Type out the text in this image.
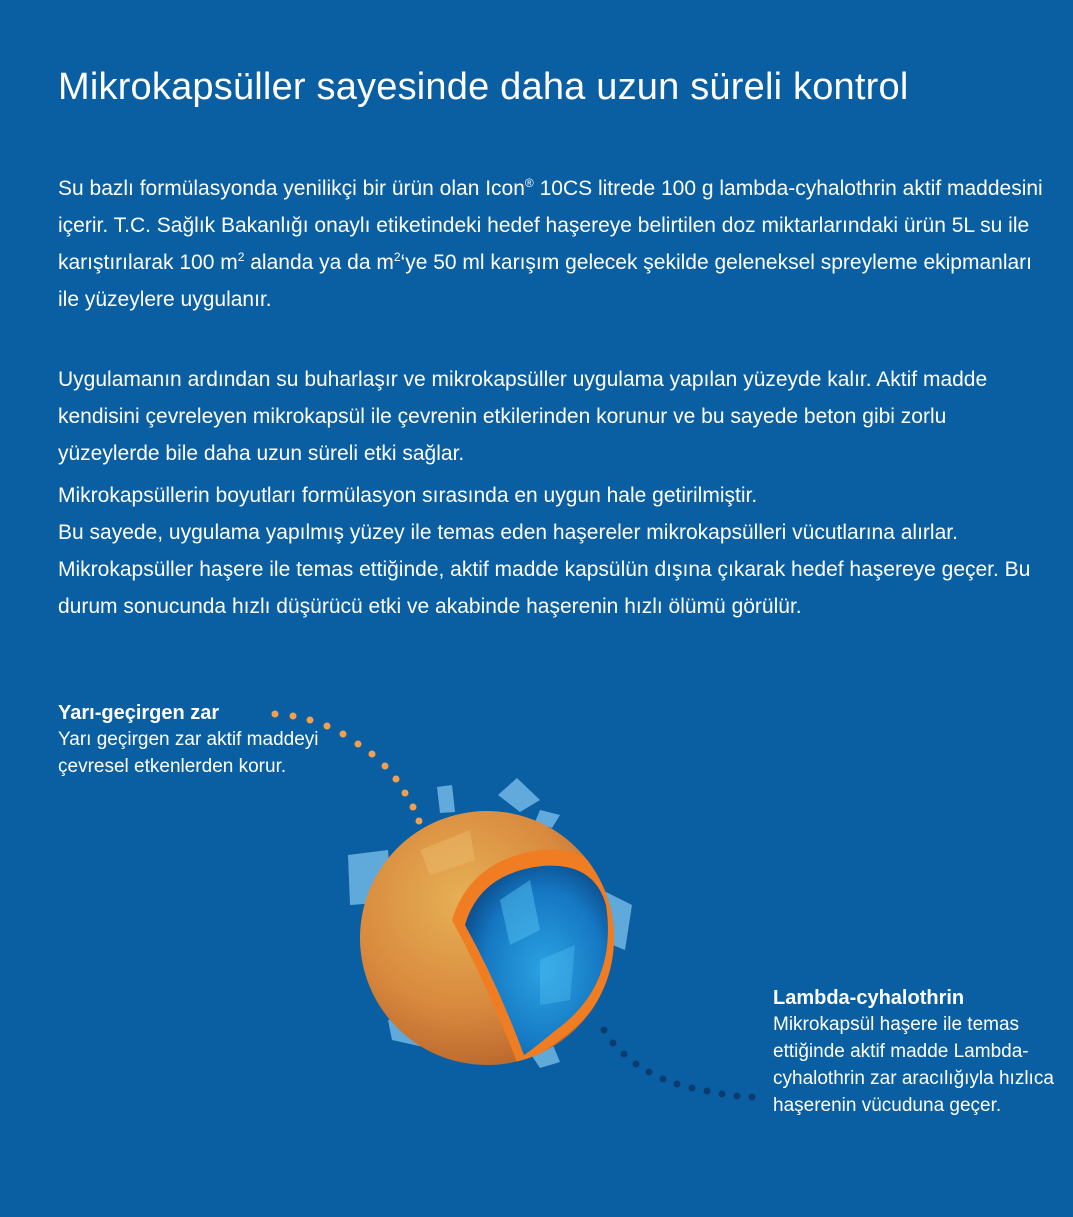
Mikrokapsüller sayesinde daha uzun süreli kontrol

Su bazlı formülasyonda yenilikçi bir ürün olan Icon® 10CS litrede 100 g lambda-cyhalothrin aktif maddesini içerir. T.C. Sağlık Bakanlığı onaylı etiketindeki hedef haşereye belirtilen doz miktarlarındaki ürün 5L su ile karıştırılarak 100 $m^2$ alanda ya da $m^2‘ye$ 50 ml karışım gelecek şekilde geleneksel spreyleme ekipmanları ile yüzeylere uygulanır.

Uygulamanın ardından su buharlaşır ve mikrokapsüller uygulama yapılan yüzeyde kalır. Aktif madde kendisini çevreleyen mikrokapsül ile çevrenin etkilerinden korunur ve bu sayede beton gibi zorlu yüzeylerde bile daha uzun süreli etki sağlar.

Mikrokapsüllerin boyutları formülasyon sırasında en uygun hale getirilmiştir.
Bu sayede, uygulama yapılmış yüzey ile temas eden haşereler mikrokapsülleri vücutlarına alırlar. Mikrokapsüller haşere ile temas ettiğinde, aktif madde kapsülün dışına çıkarak hedef haşereye geçer. Bu durum sonucunda hızlı düşürücü etki ve akabinde haşerenin hızlı ölümü görülür.

Yarı-geçirgen zar

Yarı geçirgen zar aktif maddeyi çevresel etkenlerden korur.

Lambda-cyhalothrin

Mikrokapsül haşere ile temas ettiğinde aktif madde Lambda-cyhalothrin zar aracılığıyla hızlıca haşerenin vücuduna geçer.
